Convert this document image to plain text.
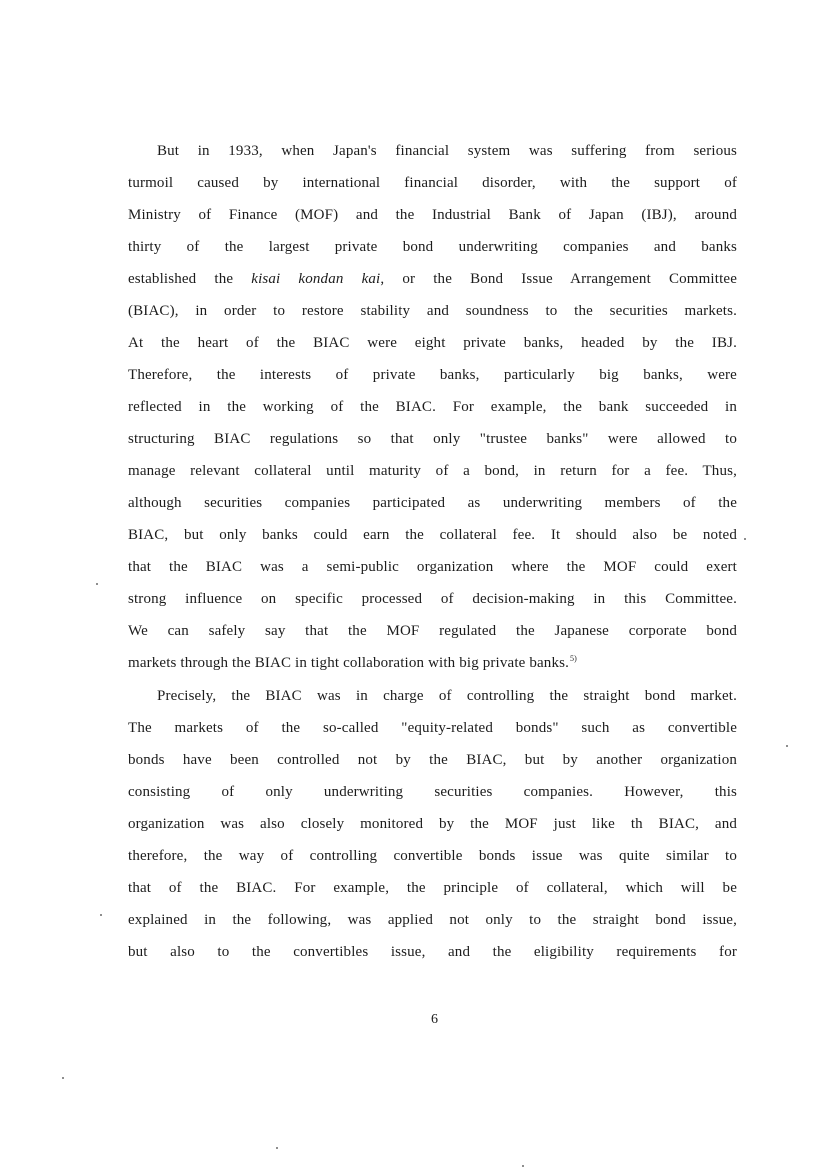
But in 1933, when Japan's financial system was suffering from serious
turmoil caused by international financial disorder, with the support of
Ministry of Finance (MOF) and the Industrial Bank of Japan (IBJ), around
thirty of the largest private bond underwriting companies and banks
established the kisai kondan kai, or the Bond Issue Arrangement Committee
(BIAC), in order to restore stability and soundness to the securities markets.
At the heart of the BIAC were eight private banks, headed by the IBJ.
Therefore, the interests of private banks, particularly big banks, were
reflected in the working of the BIAC. For example, the bank succeeded in
structuring BIAC regulations so that only "trustee banks" were allowed to
manage relevant collateral until maturity of a bond, in return for a fee. Thus,
although securities companies participated as underwriting members of the
BIAC, but only banks could earn the collateral fee. It should also be noted
that the BIAC was a semi-public organization where the MOF could exert
strong influence on specific processed of decision-making in this Committee.
We can safely say that the MOF regulated the Japanese corporate bond
markets through the BIAC in tight collaboration with big private banks.$^{5)}$
Precisely, the BIAC was in charge of controlling the straight bond market.
The markets of the so-called "equity-related bonds" such as convertible
bonds have been controlled not by the BIAC, but by another organization
consisting of only underwriting securities companies. However, this
organization was also closely monitored by the MOF just like th BIAC, and
therefore, the way of controlling convertible bonds issue was quite similar to
that of the BIAC. For example, the principle of collateral, which will be
explained in the following, was applied not only to the straight bond issue,
but also to the convertibles issue, and the eligibility requirements for
6
